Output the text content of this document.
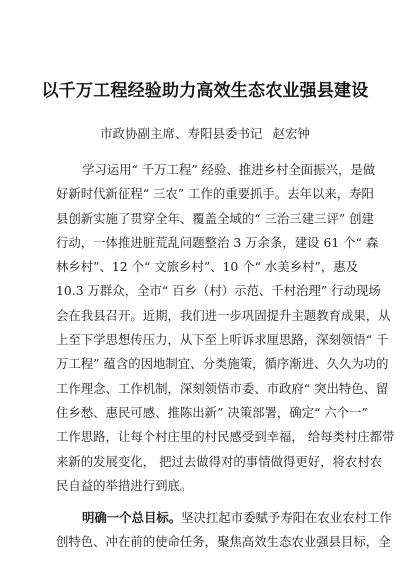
以千万工程经验助力高效生态农业强县建设

市政协副主席、寿阳县委书记 赵宏钟

学习运用“ 千万工程” 经验、推进乡村全面振兴，是做
好新时代新征程“ 三农” 工作的重要抓手。去年以来，寿阳
县创新实施了贯穿全年、覆盖全域的“ 三治三建三评” 创建
行动，一体推进脏荒乱问题整治 3 万余条，建设 61 个“ 森
林乡村”、12 个“ 文旅乡村”、10 个“ 水美乡村”，惠及
10.3 万群众，全市“ 百乡（村）示范、千村治理” 行动现场
会在我县召开。近期，我们进一步巩固提升主题教育成果，从
上至下学思想传压力，从下至上听诉求厘思路，深刻领悟“ 千
万工程” 蕴含的因地制宜、分类施策，循序渐进、久久为功的
工作理念、工作机制，深刻领悟市委、市政府“ 突出特色、留
住乡愁、惠民可感、推陈出新” 决策部署，确定“ 六个一”
工作思路，让每个村庄里的村民感受到幸福， 给每类村庄都带
来新的发展变化， 把过去做得对的事情做得更好，将农村农
民自益的举措进行到底。
明确一个总目标。坚决扛起市委赋予寿阳在农业农村工作
创特色、冲在前的使命任务，聚焦高效生态农业强县目标，全
